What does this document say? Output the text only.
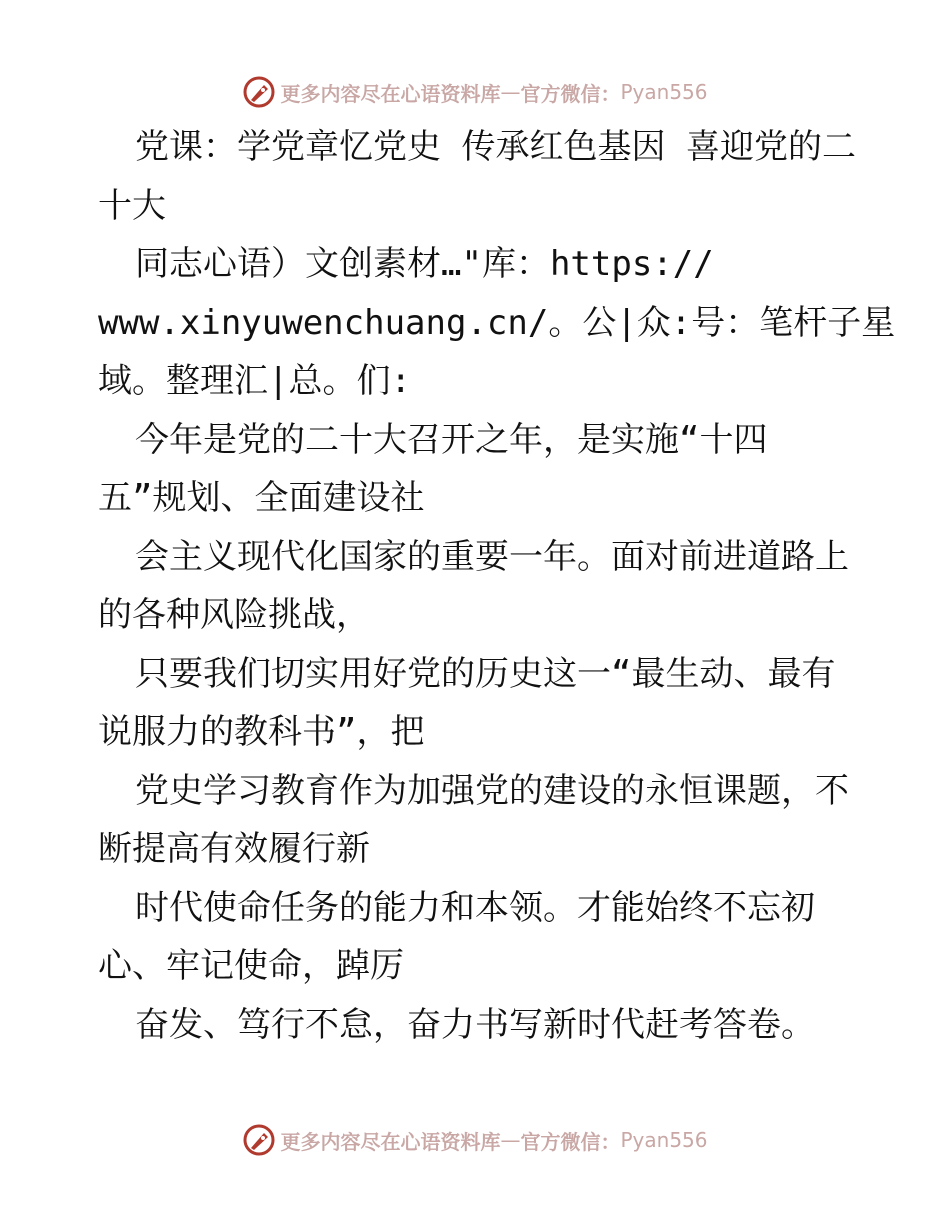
更多内容尽在心语资料库 — 官方微信： Pyan556
党课：学党章忆党史 传承红色基因 喜迎党的二
十大
同志心语）文创素材…"库：https://
www.xinyuwenchuang.cn/。公|众:号：笔杆子星
域。整理汇|总。们:
今年是党的二十大召开之年，是实施“十四
五”规划、全面建设社
会主义现代化国家的重要一年。面对前进道路上
的各种风险挑战，
只要我们切实用好党的历史这一“最生动、最有
说服力的教科书”，把
党史学习教育作为加强党的建设的永恒课题，不
断提高有效履行新
时代使命任务的能力和本领。才能始终不忘初
心、牢记使命，踔厉
奋发、笃行不怠，奋力书写新时代赶考答卷。
更多内容尽在心语资料库 — 官方微信： Pyan556
